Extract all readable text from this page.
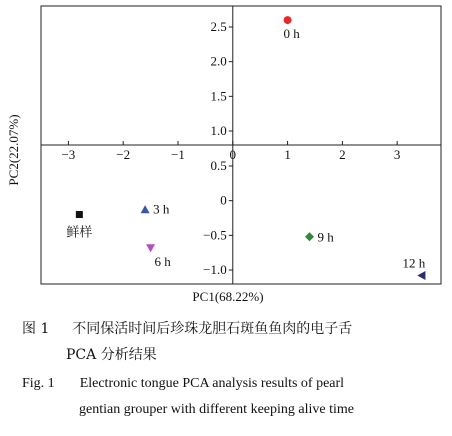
−3	−2	−1	0	1	2	3
2.5
2.0
1.5
1.0
0.5
0
−0.5
−1.0
0 h
3 h
6 h
9 h
12 h
鲜样
PC1(68.22%)
PC2(22.07%)
图 1 不同保活时间后珍珠龙胆石斑鱼鱼肉的电子舌
PCA 分析结果
Fig. 1 Electronic tongue PCA analysis results of pearl
gentian grouper with different keeping alive time
